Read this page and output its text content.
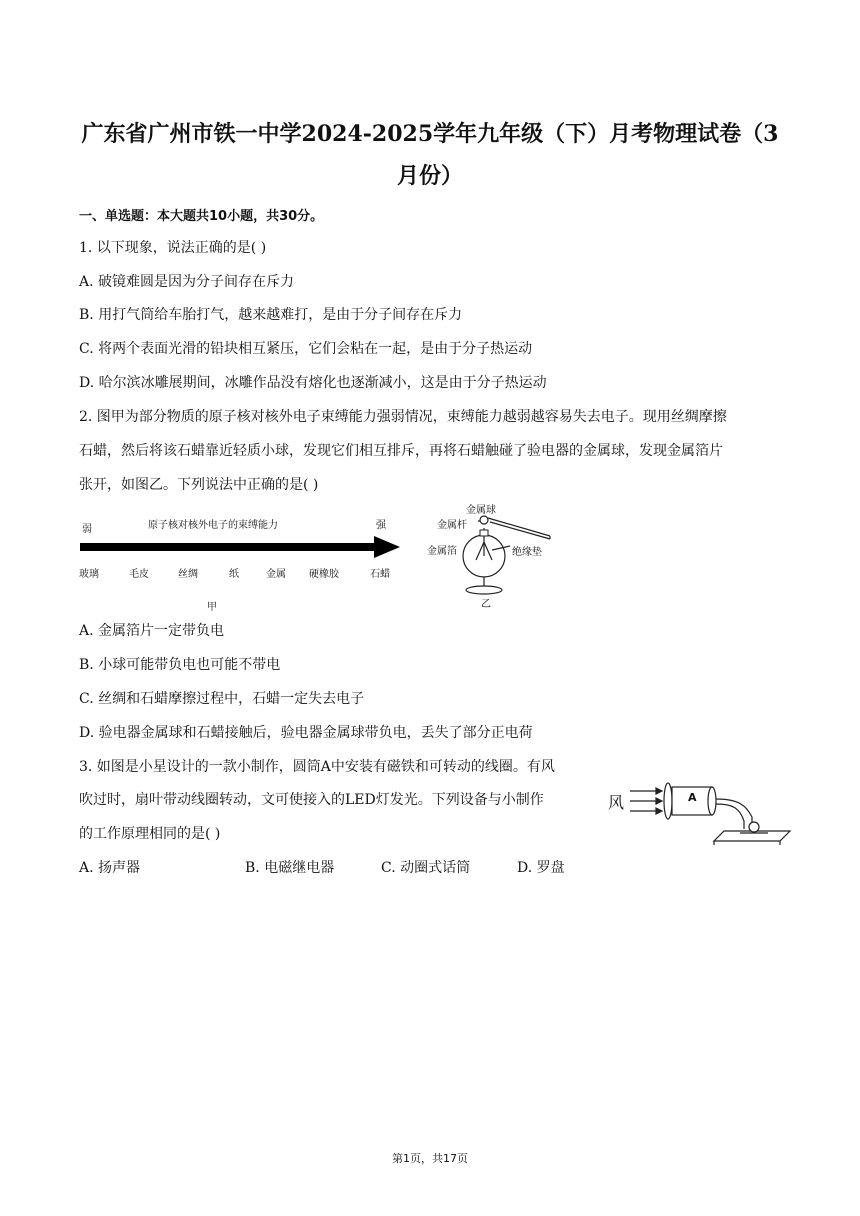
广东省广州市铁一中学2024-2025学年九年级（下）月考物理试卷（3
月份）
一、单选题：本大题共10小题，共30分。
1. 以下现象，说法正确的是( )
A. 破镜难圆是因为分子间存在斥力
B. 用打气筒给车胎打气，越来越难打，是由于分子间存在斥力
C. 将两个表面光滑的铅块相互紧压，它们会粘在一起，是由于分子热运动
D. 哈尔滨冰雕展期间，冰雕作品没有熔化也逐渐减小，这是由于分子热运动
2. 图甲为部分物质的原子核对核外电子束缚能力强弱情况，束缚能力越弱越容易失去电子。现用丝绸摩擦
石蜡，然后将该石蜡靠近轻质小球，发现它们相互排斥，再将石蜡触碰了验电器的金属球，发现金属箔片
张开，如图乙。下列说法中正确的是( )
弱	原子核对核外电子的束缚能力	强
玻璃	毛皮	丝绸	纸	金属 硬橡胶	石蜡
甲
金属球
金属杆
金属箔	绝缘垫
乙
A. 金属箔片一定带负电
B. 小球可能带负电也可能不带电
C. 丝绸和石蜡摩擦过程中，石蜡一定失去电子
D. 验电器金属球和石蜡接触后，验电器金属球带负电，丢失了部分正电荷
3. 如图是小星设计的一款小制作，圆筒A中安装有磁铁和可转动的线圈。有风
吹过时，扇叶带动线圈转动，文可使接入的LED灯发光。下列设备与小制作
的工作原理相同的是( )
风	A
A. 扬声器	B. 电磁继电器	C. 动圈式话筒	D. 罗盘
第1页，共17页
